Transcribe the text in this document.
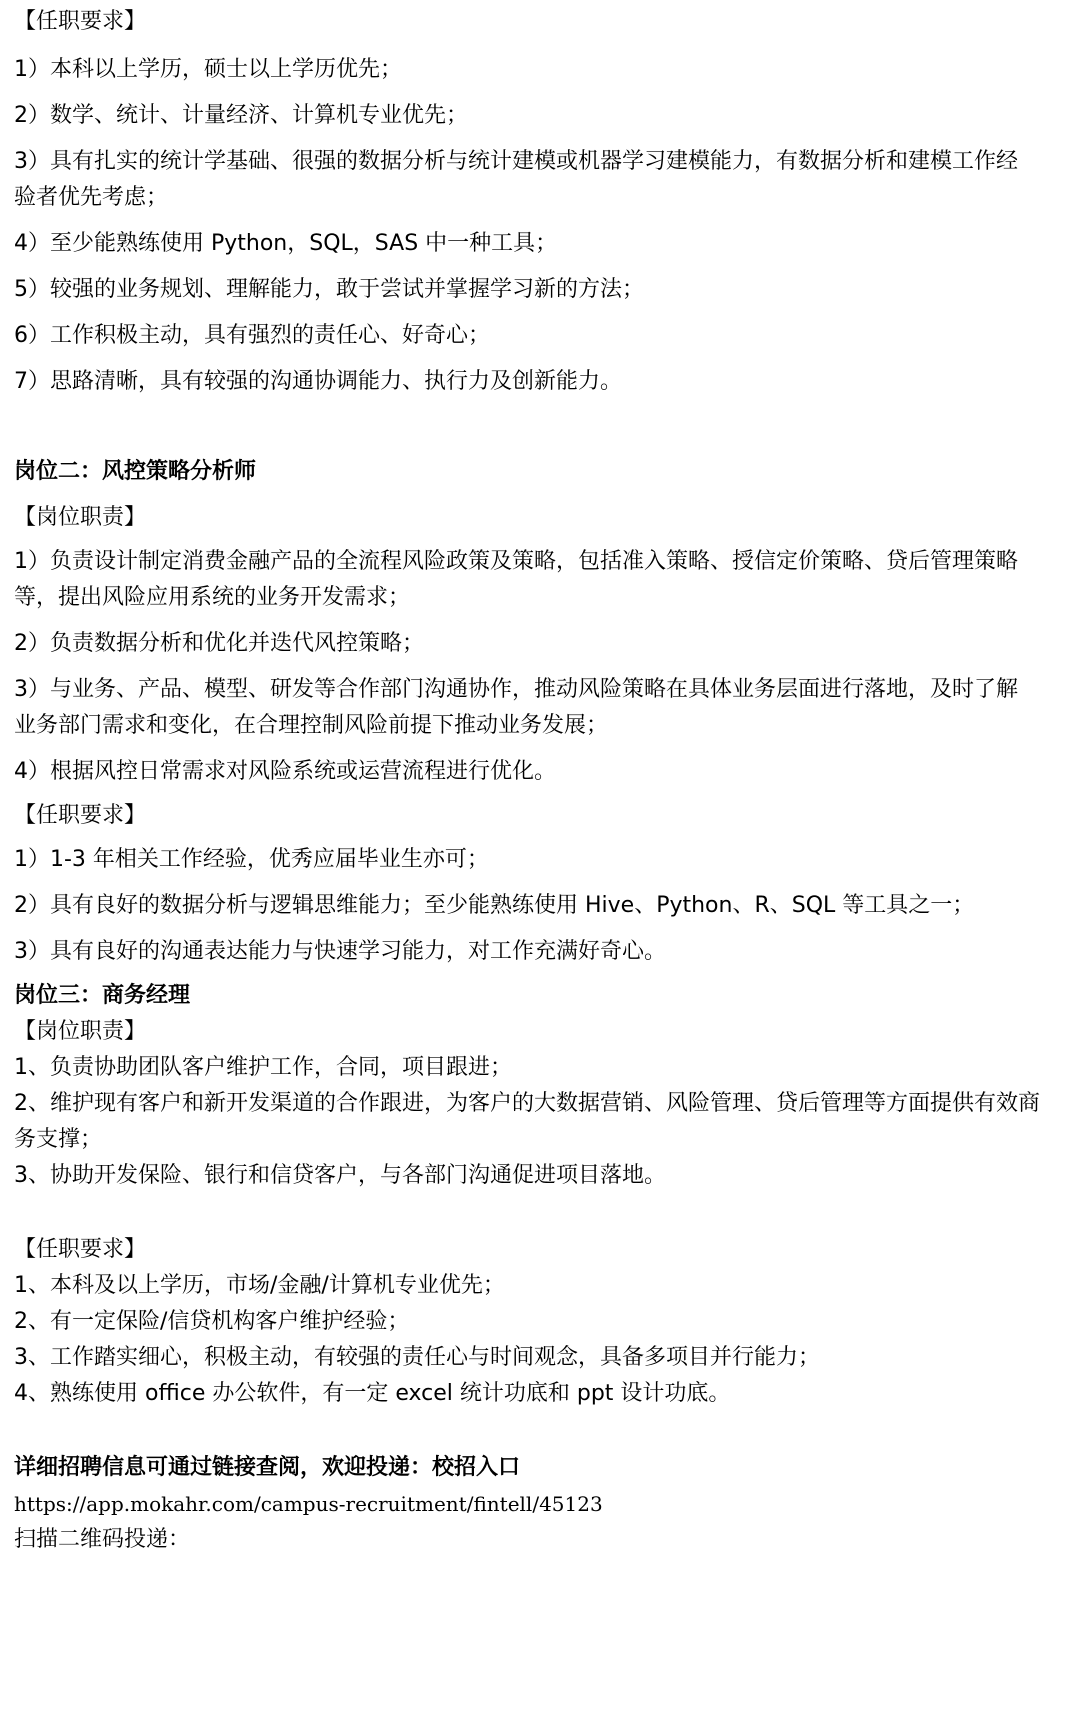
【任职要求】

1）本科以上学历，硕士以上学历优先；

2）数学、统计、计量经济、计算机专业优先；

3）具有扎实的统计学基础、很强的数据分析与统计建模或机器学习建模能力，有数据分析和建模工作经

验者优先考虑；

4）至少能熟练使用 Python，SQL，SAS 中一种工具；

5）较强的业务规划、理解能力，敢于尝试并掌握学习新的方法；

6）工作积极主动，具有强烈的责任心、好奇心；

7）思路清晰，具有较强的沟通协调能力、执行力及创新能力。

岗位二：风控策略分析师

【岗位职责】

1）负责设计制定消费金融产品的全流程风险政策及策略，包括准入策略、授信定价策略、贷后管理策略

等，提出风险应用系统的业务开发需求；

2）负责数据分析和优化并迭代风控策略；

3）与业务、产品、模型、研发等合作部门沟通协作，推动风险策略在具体业务层面进行落地，及时了解

业务部门需求和变化，在合理控制风险前提下推动业务发展；

4）根据风控日常需求对风险系统或运营流程进行优化。

【任职要求】

1）1-3 年相关工作经验，优秀应届毕业生亦可；

2）具有良好的数据分析与逻辑思维能力；至少能熟练使用 Hive、Python、R、SQL 等工具之一；

3）具有良好的沟通表达能力与快速学习能力，对工作充满好奇心。

岗位三：商务经理

【岗位职责】

1、负责协助团队客户维护工作，合同，项目跟进；

2、维护现有客户和新开发渠道的合作跟进，为客户的大数据营销、风险管理、贷后管理等方面提供有效商

务支撑；

3、协助开发保险、银行和信贷客户，与各部门沟通促进项目落地。

【任职要求】

1、本科及以上学历，市场/金融/计算机专业优先；

2、有一定保险/信贷机构客户维护经验；

3、工作踏实细心，积极主动，有较强的责任心与时间观念，具备多项目并行能力；

4、熟练使用 office 办公软件，有一定 excel 统计功底和 ppt 设计功底。

详细招聘信息可通过链接查阅，欢迎投递：校招入口

https://app.mokahr.com/campus-recruitment/fintell/45123

扫描二维码投递：
